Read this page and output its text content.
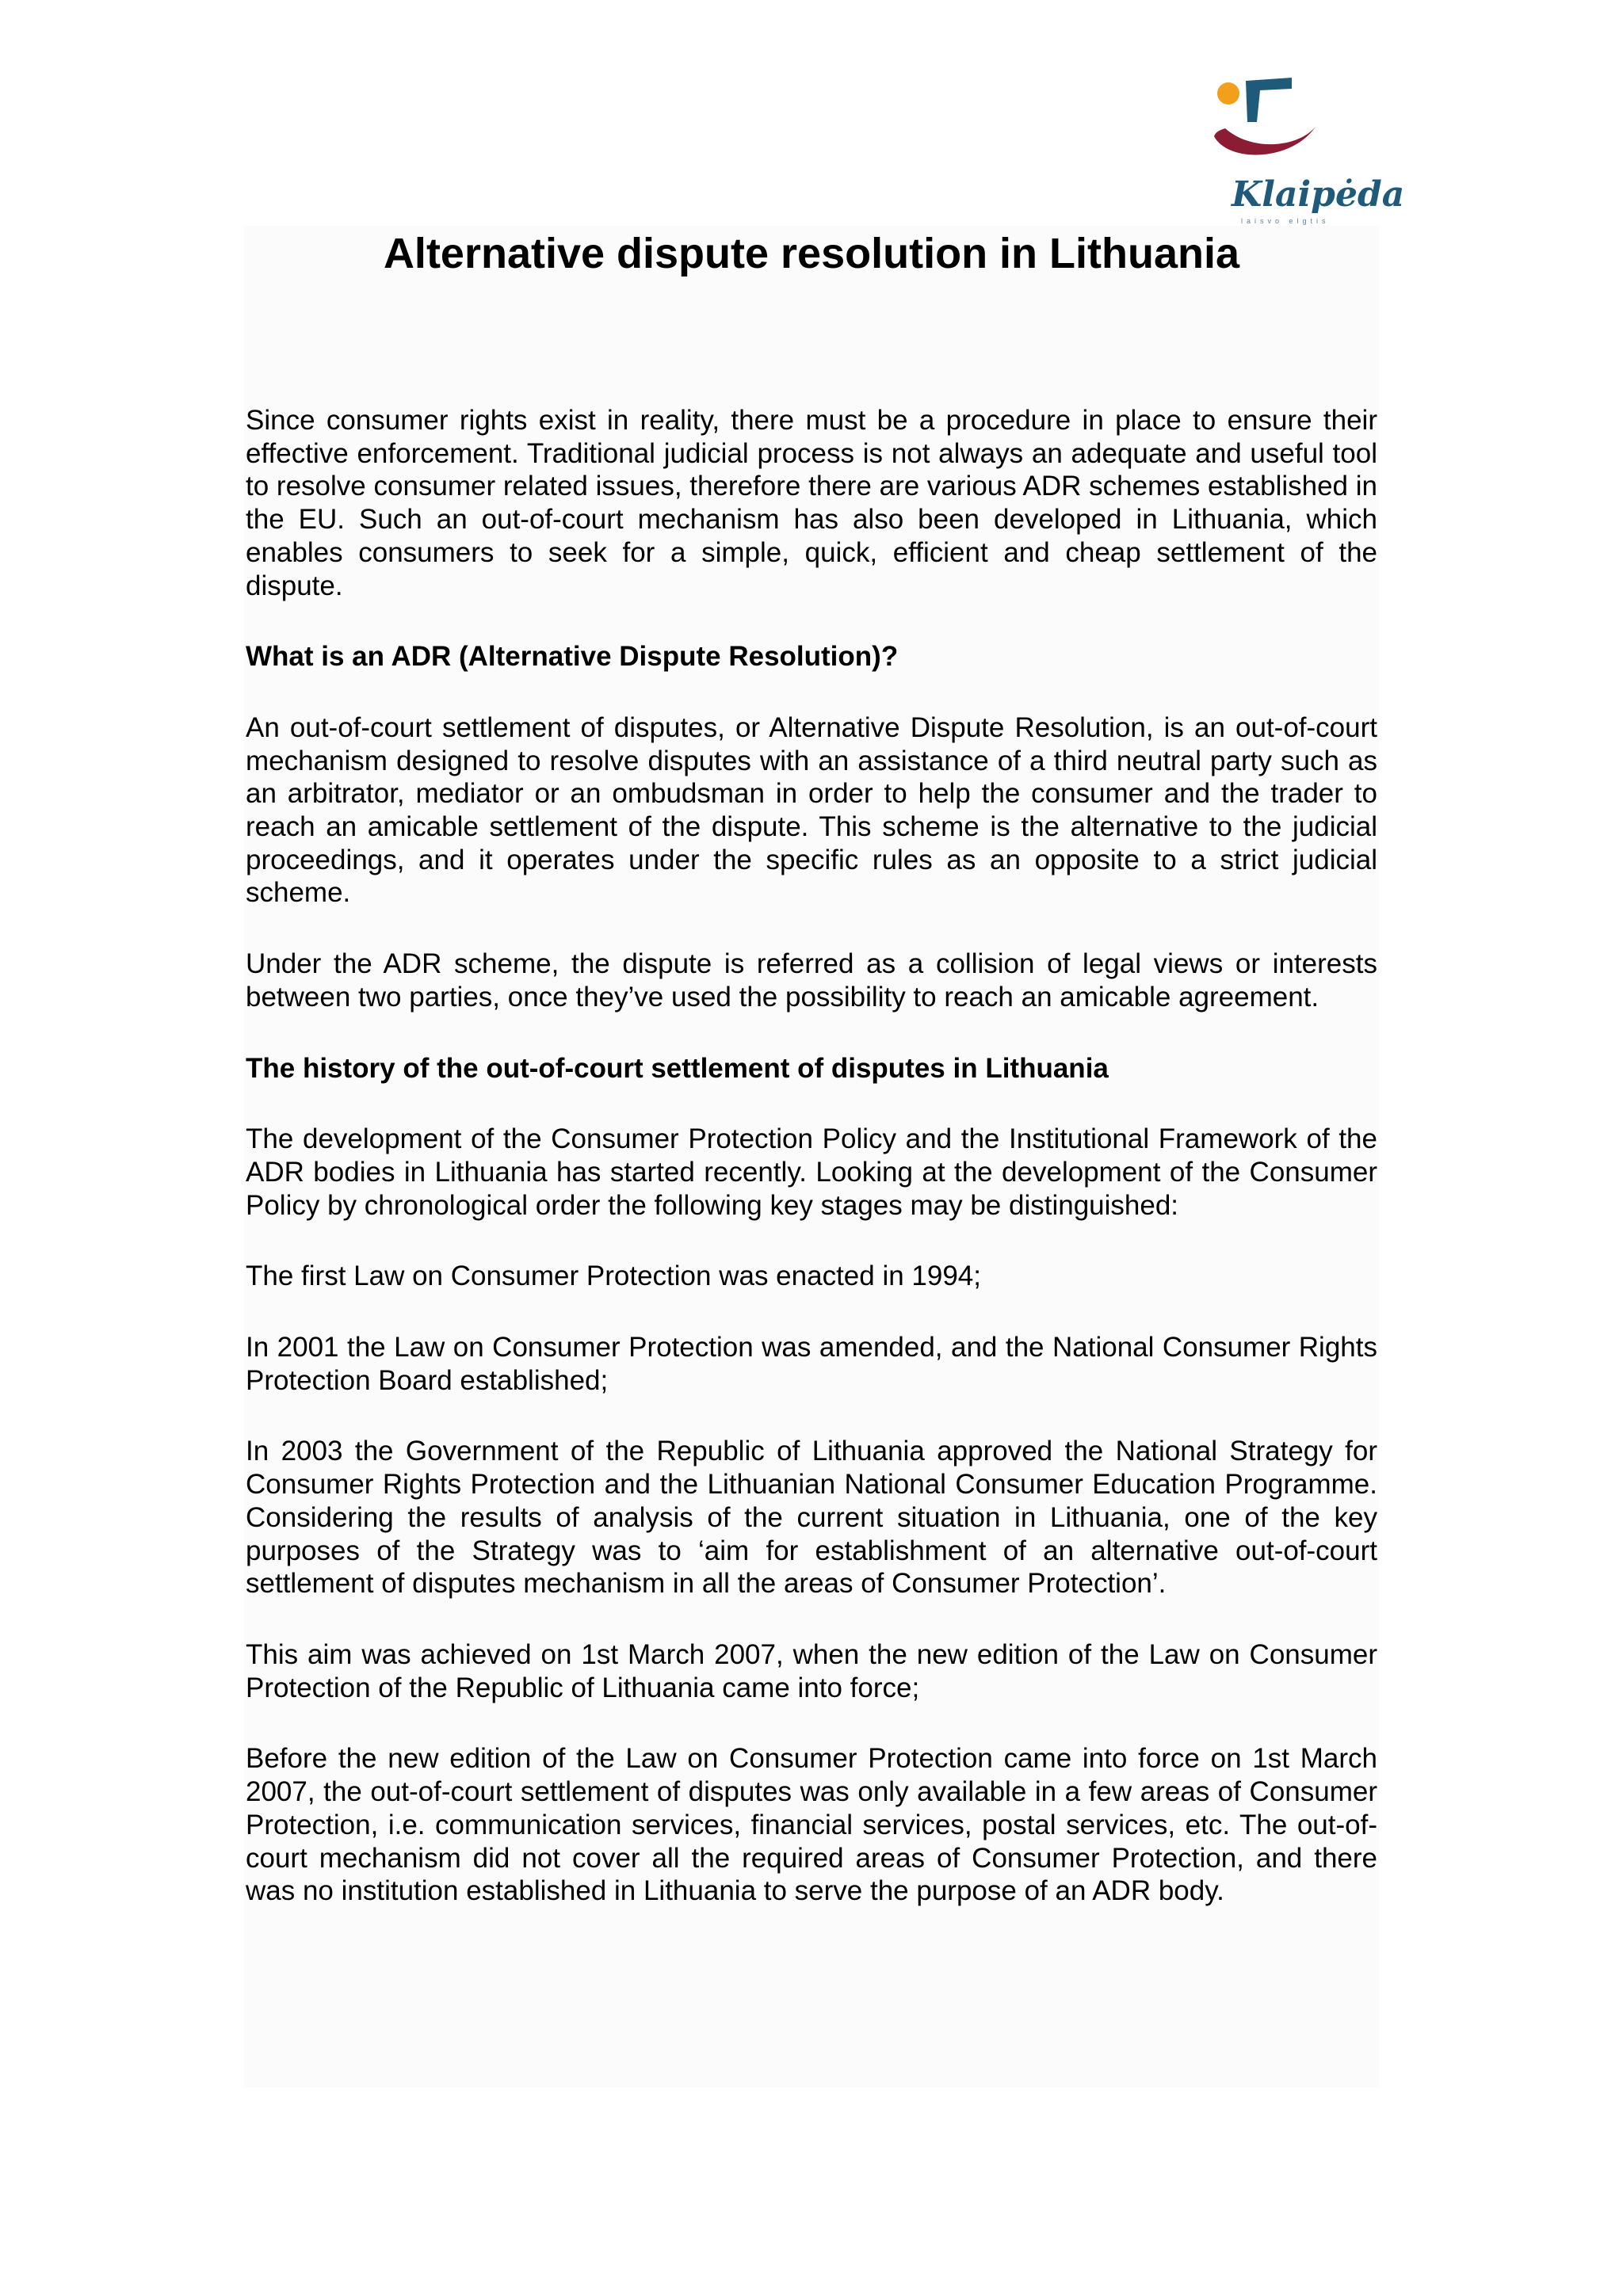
Klaipėda
laisvo elgtis
Alternative dispute resolution in Lithuania

Since consumer rights exist in reality, there must be a procedure in place to ensure their effective enforcement. Traditional judicial process is not always an adequate and useful tool to resolve consumer related issues, therefore there are various ADR schemes established in the EU. Such an out-of-court mechanism has also been developed in Lithuania, which enables consumers to seek for a simple, quick, efficient and cheap settlement of the dispute.

What is an ADR (Alternative Dispute Resolution)?

An out-of-court settlement of disputes, or Alternative Dispute Resolution, is an out-of-court mechanism designed to resolve disputes with an assistance of a third neutral party such as an arbitrator, mediator or an ombudsman in order to help the consumer and the trader to reach an amicable settlement of the dispute. This scheme is the alternative to the judicial proceedings, and it operates under the specific rules as an opposite to a strict judicial scheme.

Under the ADR scheme, the dispute is referred as a collision of legal views or interests between two parties, once they’ve used the possibility to reach an amicable agreement.

The history of the out-of-court settlement of disputes in Lithuania

The development of the Consumer Protection Policy and the Institutional Framework of the ADR bodies in Lithuania has started recently. Looking at the development of the Consumer Policy by chronological order the following key stages may be distinguished:

The first Law on Consumer Protection was enacted in 1994;

In 2001 the Law on Consumer Protection was amended, and the National Consumer Rights Protection Board established;

In 2003 the Government of the Republic of Lithuania approved the National Strategy for Consumer Rights Protection and the Lithuanian National Consumer Education Programme. Considering the results of analysis of the current situation in Lithuania, one of the key purposes of the Strategy was to ‘aim for establishment of an alternative out-of-court settlement of disputes mechanism in all the areas of Consumer Protection’.

This aim was achieved on 1st March 2007, when the new edition of the Law on Consumer Protection of the Republic of Lithuania came into force;

Before the new edition of the Law on Consumer Protection came into force on 1st March 2007, the out-of-court settlement of disputes was only available in a few areas of Consumer Protection, i.e. communication services, financial services, postal services, etc. The out-of-court mechanism did not cover all the required areas of Consumer Protection, and there was no institution established in Lithuania to serve the purpose of an ADR body.
